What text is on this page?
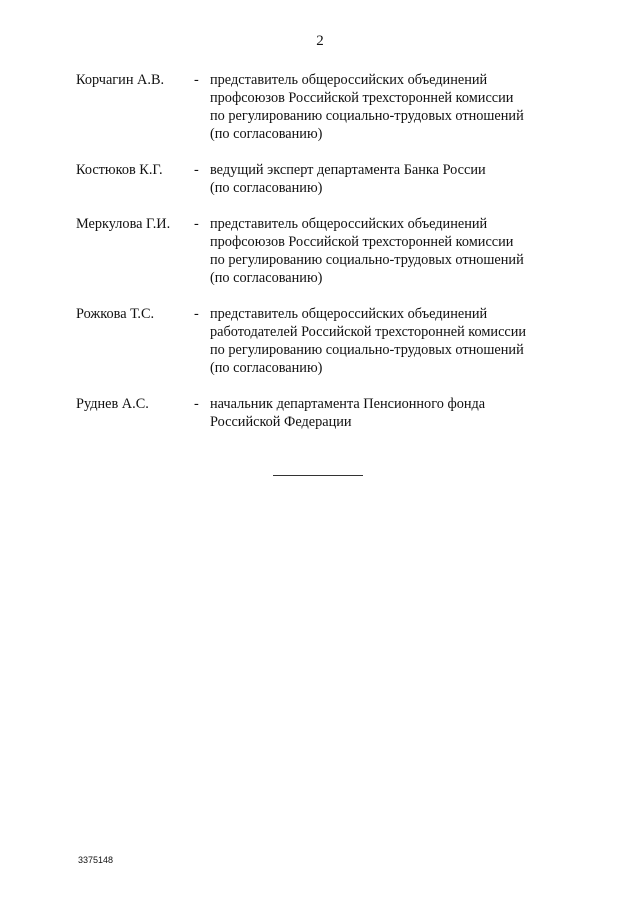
2
Корчагин А.В.	- представитель общероссийских объединений
профсоюзов Российской трехсторонней комиссии
по регулированию социально-трудовых отношений
(по согласованию)
Костюков К.Г.	- ведущий эксперт департамента Банка России
(по согласованию)
Меркулова Г.И.	- представитель общероссийских объединений
профсоюзов Российской трехсторонней комиссии
по регулированию социально-трудовых отношений
(по согласованию)
Рожкова Т.С.	- представитель общероссийских объединений
работодателей Российской трехсторонней комиссии
по регулированию социально-трудовых отношений
(по согласованию)
Руднев А.С.	- начальник департамента Пенсионного фонда
Российской Федерации
3375148
